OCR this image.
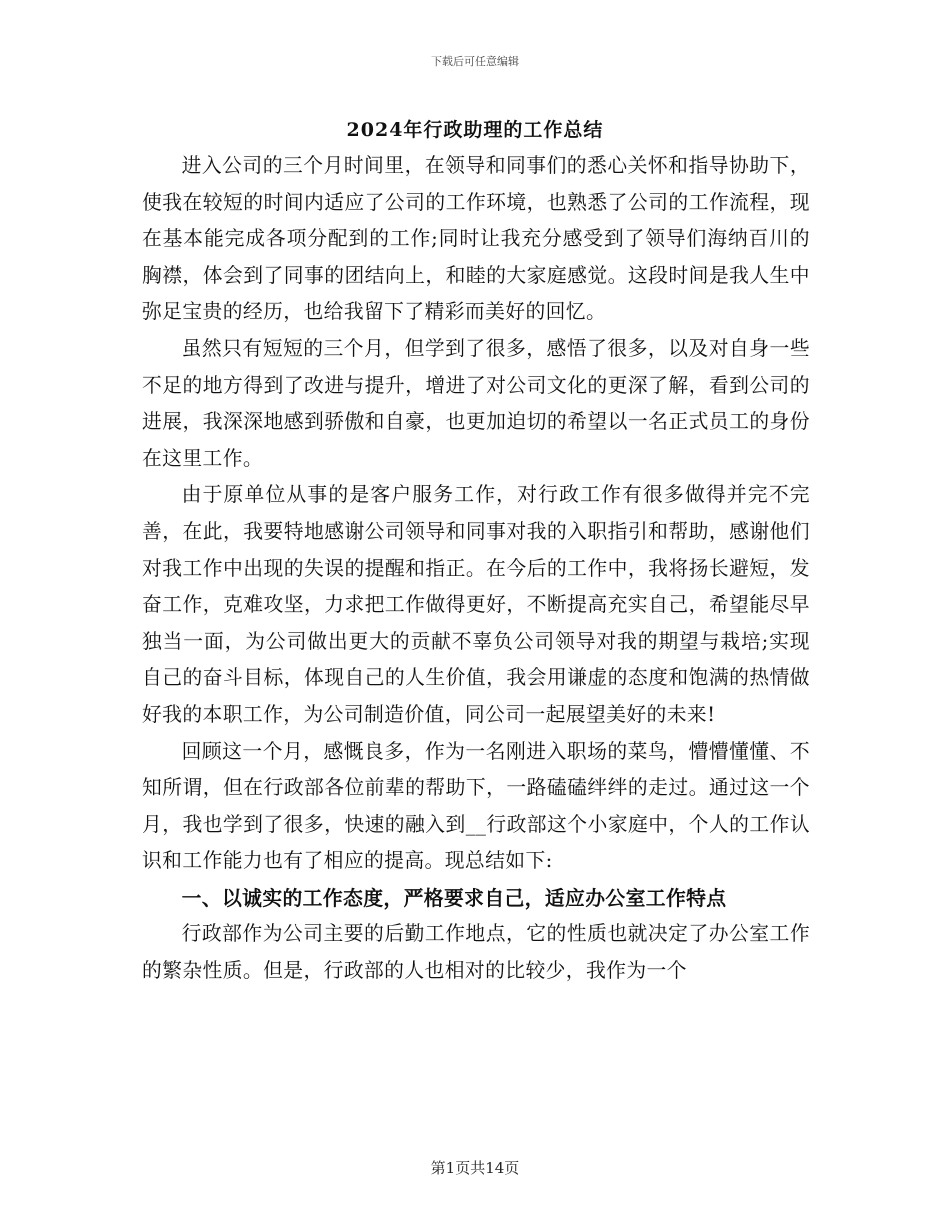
下载后可任意编辑
2024年行政助理的工作总结

进入公司的三个月时间里，在领导和同事们的悉心关怀和指导协助下，使我在较短的时间内适应了公司的工作环境，也熟悉了公司的工作流程，现在基本能完成各项分配到的工作;同时让我充分感受到了领导们海纳百川的胸襟，体会到了同事的团结向上，和睦的大家庭感觉。这段时间是我人生中弥足宝贵的经历，也给我留下了精彩而美好的回忆。

虽然只有短短的三个月，但学到了很多，感悟了很多，以及对自身一些不足的地方得到了改进与提升，增进了对公司文化的更深了解，看到公司的进展，我深深地感到骄傲和自豪，也更加迫切的希望以一名正式员工的身份在这里工作。

由于原单位从事的是客户服务工作，对行政工作有很多做得并完不完善，在此，我要特地感谢公司领导和同事对我的入职指引和帮助，感谢他们对我工作中出现的失误的提醒和指正。在今后的工作中，我将扬长避短，发奋工作，克难攻坚，力求把工作做得更好，不断提高充实自己，希望能尽早独当一面，为公司做出更大的贡献不辜负公司领导对我的期望与栽培;实现自己的奋斗目标，体现自己的人生价值，我会用谦虚的态度和饱满的热情做好我的本职工作，为公司制造价值，同公司一起展望美好的未来!

回顾这一个月，感慨良多，作为一名刚进入职场的菜鸟，懵懵懂懂、不知所谓，但在行政部各位前辈的帮助下，一路磕磕绊绊的走过。通过这一个月，我也学到了很多，快速的融入到__行政部这个小家庭中，个人的工作认识和工作能力也有了相应的提高。现总结如下:

一、以诚实的工作态度，严格要求自己，适应办公室工作特点

行政部作为公司主要的后勤工作地点，它的性质也就决定了办公室工作的繁杂性质。但是，行政部的人也相对的比较少，我作为一个

第1页共14页
